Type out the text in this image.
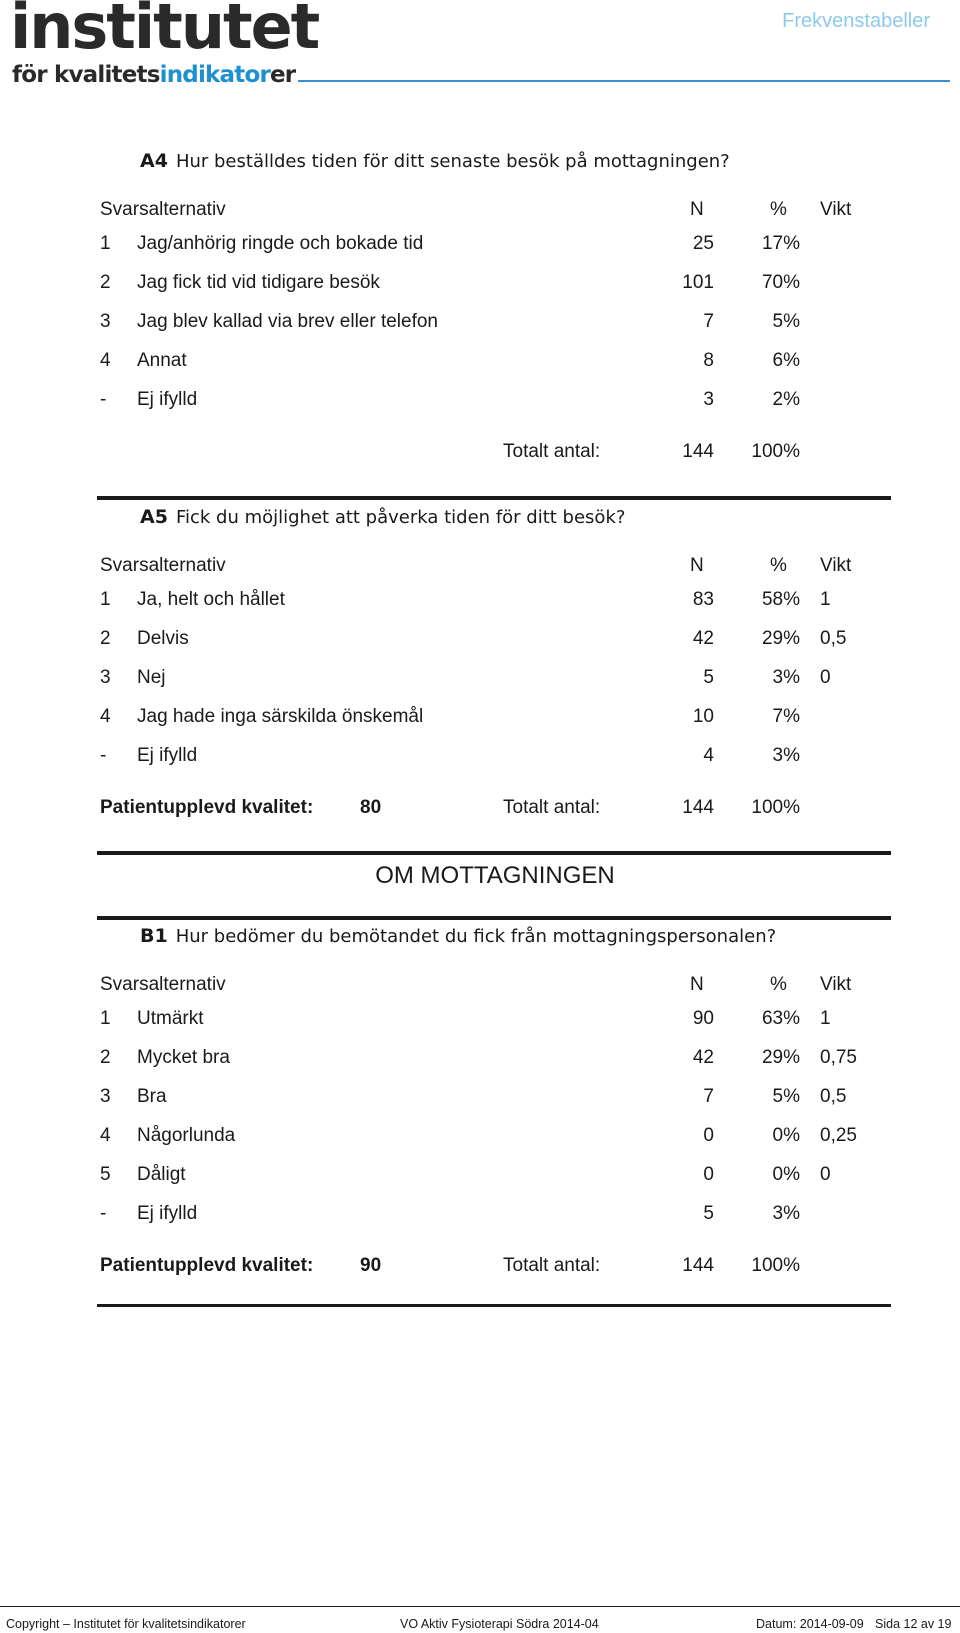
institutet
för kvalitetsindikatorer
Frekvenstabeller
A4 Hur beställdes tiden för ditt senaste besök på mottagningen?
Svarsalternativ	N	% Vikt
1	Jag/anhörig ringde och bokade tid	25	17%
2	Jag fick tid vid tidigare besök	101	70%
3	Jag blev kallad via brev eller telefon	7	5%
4	Annat	8	6%
-	Ej ifylld	3	2%
Totalt antal:	144	100%
A5 Fick du möjlighet att påverka tiden för ditt besök?
Svarsalternativ	N	% Vikt
1	Ja, helt och hållet	83	58% 1
2	Delvis	42	29% 0,5
3	Nej	5	3% 0
4	Jag hade inga särskilda önskemål	10	7%
-	Ej ifylld	4	3%
Patientupplevd kvalitet: 80	Totalt antal:	144	100%
OM MOTTAGNINGEN
B1 Hur bedömer du bemötandet du fick från mottagningspersonalen?
Svarsalternativ	N	% Vikt
1	Utmärkt	90	63% 1
2	Mycket bra	42	29% 0,75
3	Bra	7	5% 0,5
4	Någorlunda	0	0% 0,25
5	Dåligt	0	0% 0
-	Ej ifylld	5	3%
Patientupplevd kvalitet: 90	Totalt antal:	144	100%
Copyright – Institutet för kvalitetsindikatorer	VO Aktiv Fysioterapi Södra 2014-04	Datum: 2014-09-09 Sida 12 av 19
